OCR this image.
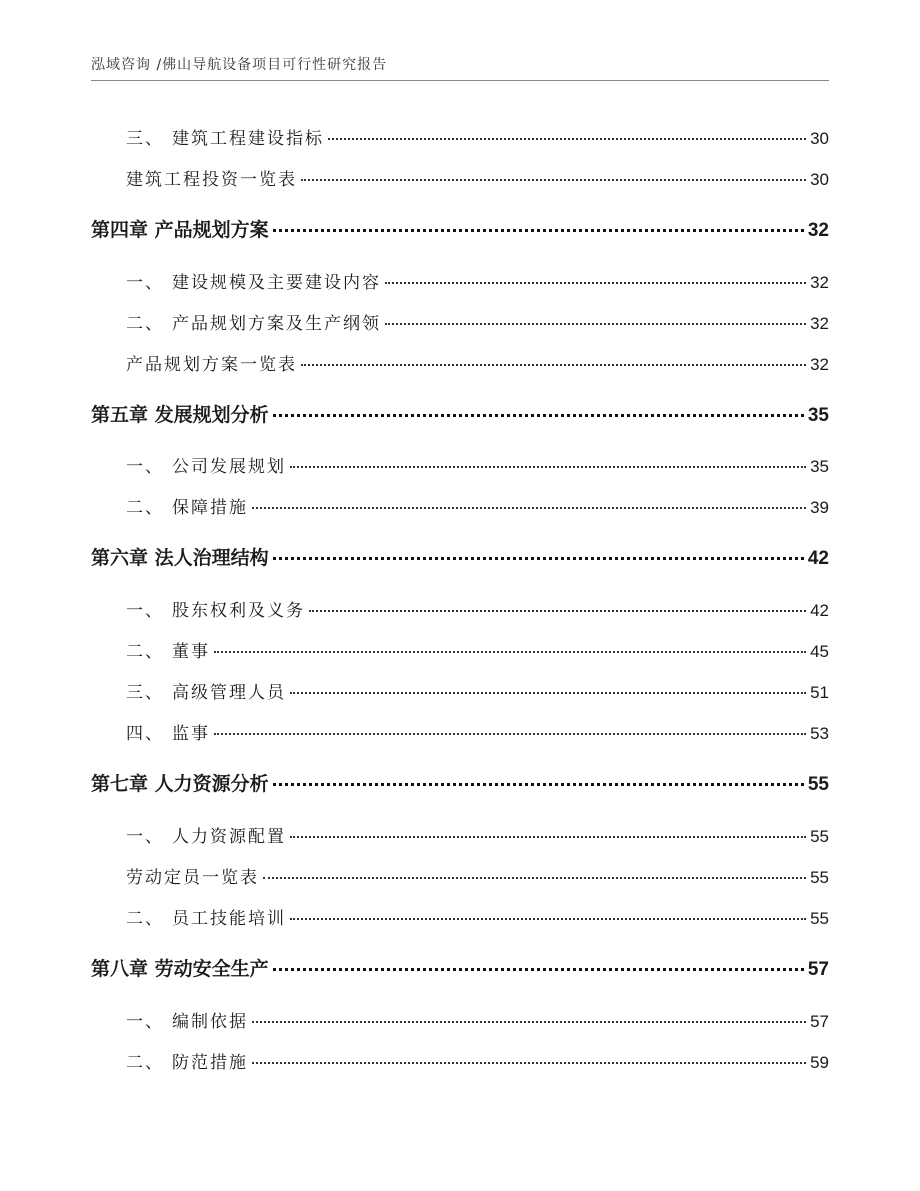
泓域咨询 /佛山导航设备项目可行性研究报告
三、 建筑工程建设指标	30
建筑工程投资一览表	30
第四章 产品规划方案	32
一、 建设规模及主要建设内容	32
二、 产品规划方案及生产纲领	32
产品规划方案一览表	32
第五章 发展规划分析	35
一、 公司发展规划	35
二、 保障措施	39
第六章 法人治理结构	42
一、 股东权利及义务	42
二、 董事	45
三、 高级管理人员	51
四、 监事	53
第七章 人力资源分析	55
一、 人力资源配置	55
劳动定员一览表	55
二、 员工技能培训	55
第八章 劳动安全生产	57
一、 编制依据	57
二、 防范措施	59
